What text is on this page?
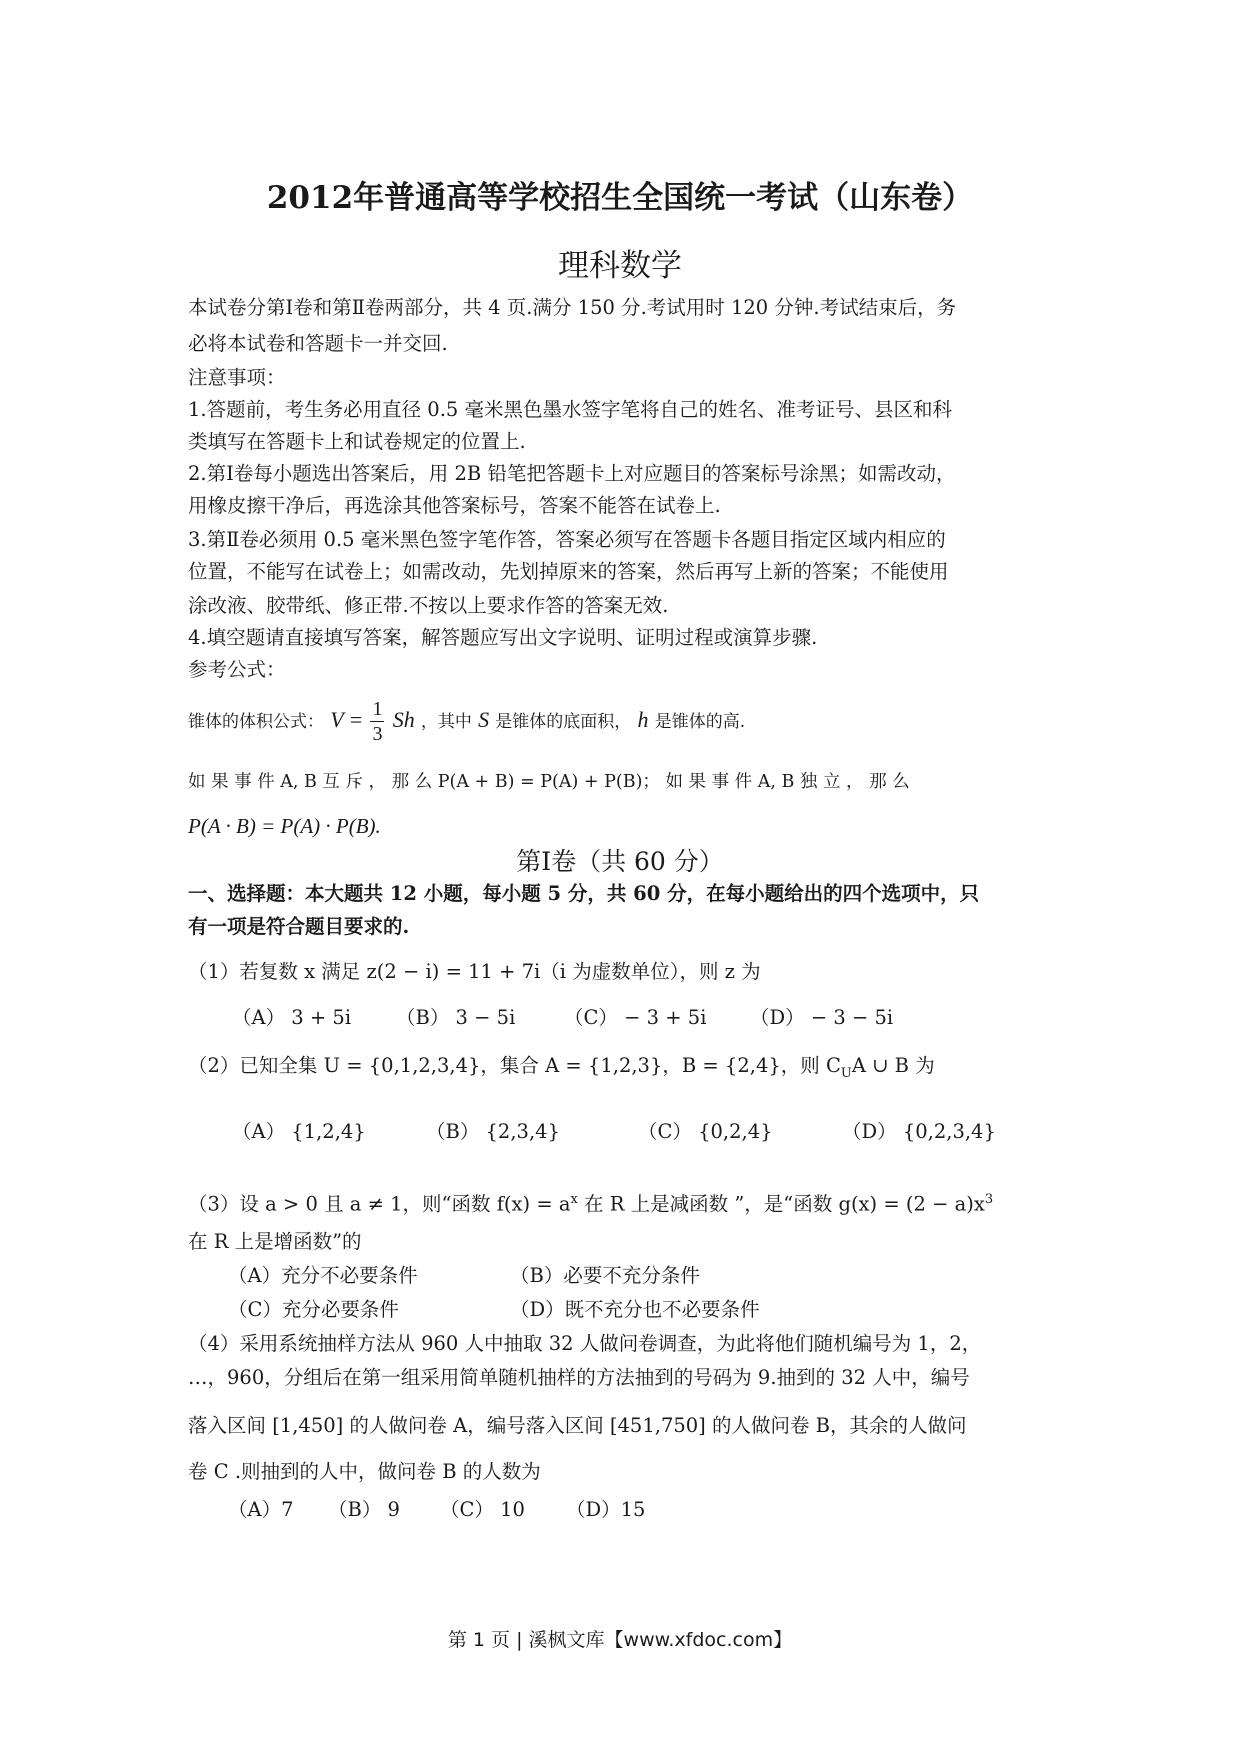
2012年普通高等学校招生全国统一考试（山东卷）
理科数学
本试卷分第Ⅰ卷和第Ⅱ卷两部分，共 4 页.满分 150 分.考试用时 120 分钟.考试结束后，务
必将本试卷和答题卡一并交回.
注意事项：
1.答题前，考生务必用直径 0.5 毫米黑色墨水签字笔将自己的姓名、准考证号、县区和科
类填写在答题卡上和试卷规定的位置上.
2.第Ⅰ卷每小题选出答案后，用 2B 铅笔把答题卡上对应题目的答案标号涂黑；如需改动，
用橡皮擦干净后，再选涂其他答案标号，答案不能答在试卷上.
3.第Ⅱ卷必须用 0.5 毫米黑色签字笔作答，答案必须写在答题卡各题目指定区域内相应的
位置，不能写在试卷上；如需改动，先划掉原来的答案，然后再写上新的答案；不能使用
涂改液、胶带纸、修正带.不按以上要求作答的答案无效.
4.填空题请直接填写答案，解答题应写出文字说明、证明过程或演算步骤.
参考公式：
锥体的体积公式： $V = \frac{1}{3}$ Sh ，其中 S 是锥体的底面积， h 是锥体的高.
如 果 事 件 A, B 互 斥 ， 那 么 P(A + B) = P(A) + P(B)； 如 果 事 件 A, B 独 立 ， 那 么
P(A · B) = P(A) · P(B).
第Ⅰ卷（共 60 分）
一、选择题：本大题共 12 小题，每小题 5 分，共 60 分，在每小题给出的四个选项中，只
有一项是符合题目要求的.
（1）若复数 x 满足 z(2 − i) = 11 + 7i（i 为虚数单位），则 z 为
（A） 3 + 5i （B） 3 − 5i （C） − 3 + 5i （D） − 3 − 5i
（2）已知全集 U = {0,1,2,3,4}，集合 A = {1,2,3}，B = {2,4}，则 $C_UA$ ∪ B 为
（A） {1,2,4}	（B） {2,3,4}	（C） {0,2,4}	（D） {0,2,3,4}
（3）设 a > 0 且 a ≠ 1，则“函数 $f(x) = a^x$ 在 R 上是减函数 ”，是“函数 $g(x) = (2 - a)x^3$
在 R 上是增函数”的
（A）充分不必要条件	（B）必要不充分条件
（C）充分必要条件	（D）既不充分也不必要条件
（4）采用系统抽样方法从 960 人中抽取 32 人做问卷调查，为此将他们随机编号为 1，2，
…，960，分组后在第一组采用简单随机抽样的方法抽到的号码为 9.抽到的 32 人中，编号
落入区间 [1,450] 的人做问卷 A，编号落入区间 [451,750] 的人做问卷 B，其余的人做问
卷 C .则抽到的人中，做问卷 B 的人数为
（A）7 （B） 9 （C） 10 （D）15
第 1 页 | 溪枫文库【www.xfdoc.com】
